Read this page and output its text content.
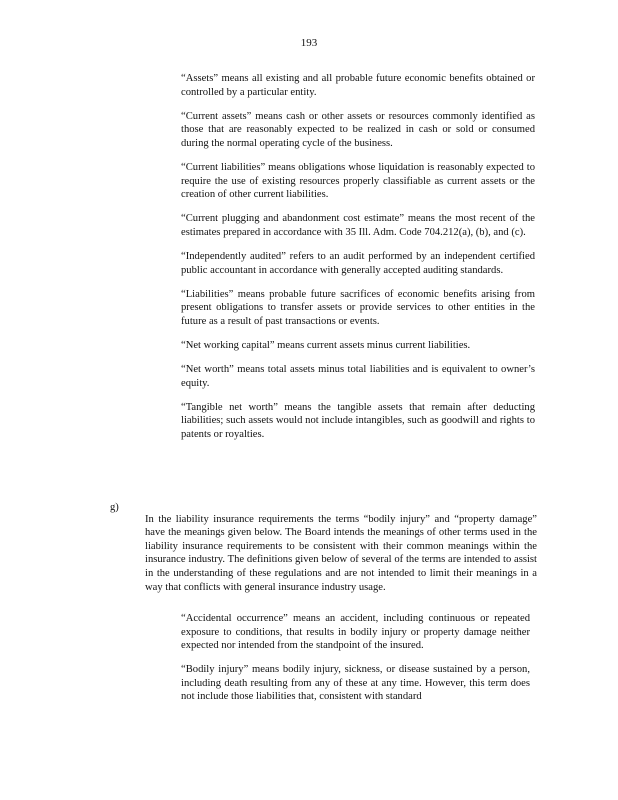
193

“Assets” means all existing and all probable future economic benefits obtained or controlled by a particular entity.

“Current assets” means cash or other assets or resources commonly identified as those that are reasonably expected to be realized in cash or sold or consumed during the normal operating cycle of the business.

“Current liabilities” means obligations whose liquidation is reasonably expected to require the use of existing resources properly classifiable as current assets or the creation of other current liabilities.

“Current plugging and abandonment cost estimate” means the most recent of the estimates prepared in accordance with 35 Ill. Adm. Code 704.212(a), (b), and (c).

“Independently audited” refers to an audit performed by an independent certified public accountant in accordance with generally accepted auditing standards.

“Liabilities” means probable future sacrifices of economic benefits arising from present obligations to transfer assets or provide services to other entities in the future as a result of past transactions or events.

“Net working capital” means current assets minus current liabilities.

“Net worth” means total assets minus total liabilities and is equivalent to owner’s equity.

“Tangible net worth” means the tangible assets that remain after deducting liabilities; such assets would not include intangibles, such as goodwill and rights to patents or royalties.

g)

In the liability insurance requirements the terms “bodily injury” and “property damage” have the meanings given below. The Board intends the meanings of other terms used in the liability insurance requirements to be consistent with their common meanings within the insurance industry. The definitions given below of several of the terms are intended to assist in the understanding of these regulations and are not intended to limit their meanings in a way that conflicts with general insurance industry usage.

“Accidental occurrence” means an accident, including continuous or repeated exposure to conditions, that results in bodily injury or property damage neither expected nor intended from the standpoint of the insured.

“Bodily injury” means bodily injury, sickness, or disease sustained by a person, including death resulting from any of these at any time. However, this term does not include those liabilities that, consistent with standard
